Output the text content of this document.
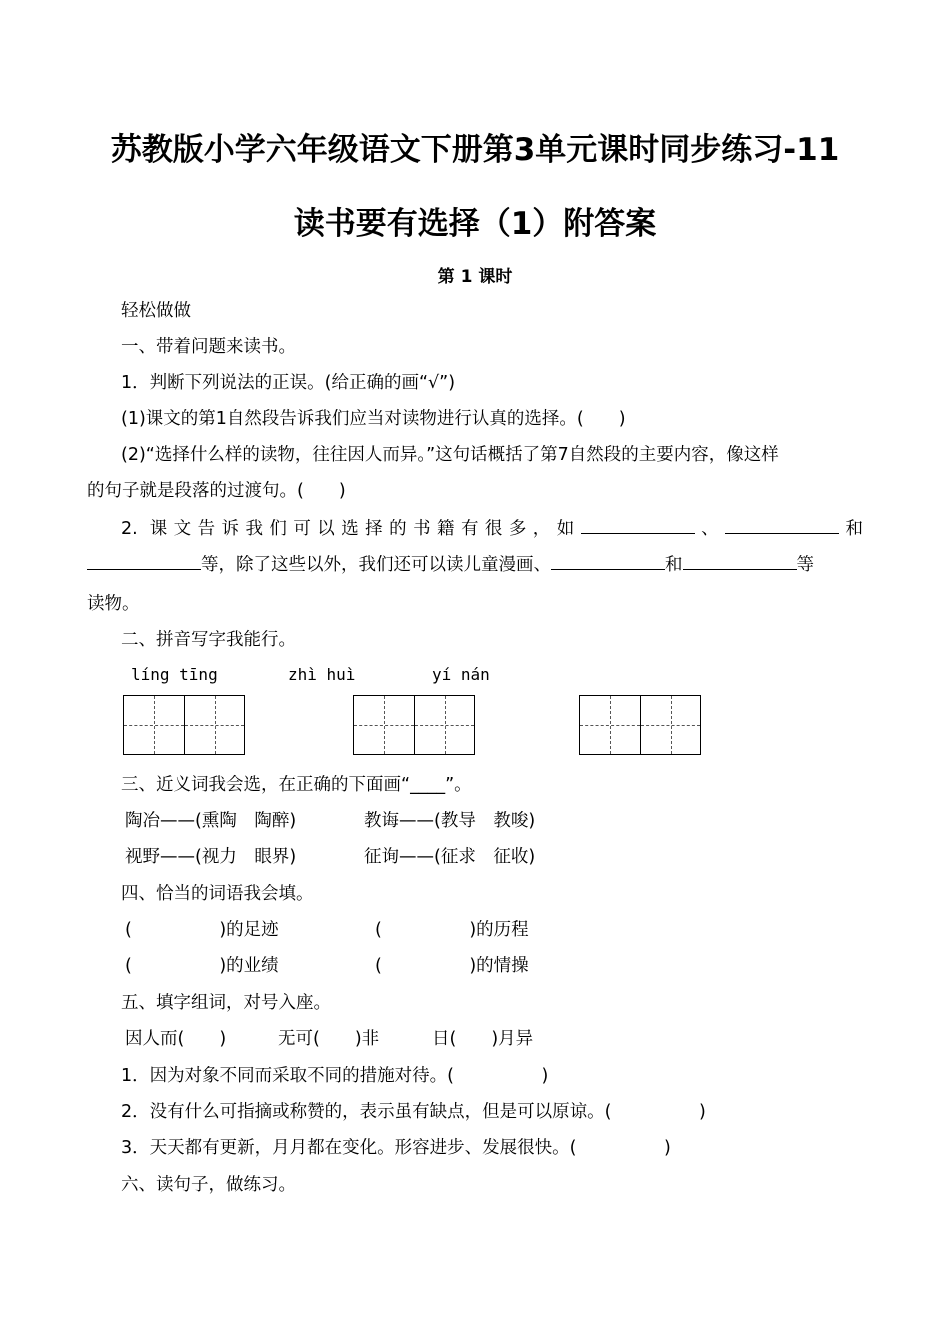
苏教版小学六年级语文下册第3单元课时同步练习-11
读书要有选择（1）附答案
第 1 课时
轻松做做
一、带着问题来读书。
1．判断下列说法的正误。(给正确的画“√”)
(1)课文的第1自然段告诉我们应当对读物进行认真的选择。(　　)
(2)“选择什么样的读物，往往因人而异。”这句话概括了第7自然段的主要内容，像这样
的句子就是段落的过渡句。(　　)
2. 课文告诉我们可以选择的书籍有很多，如	、	和
等，除了这些以外，我们还可以读儿童漫画、	和	等
读物。
二、拼音写字我能行。
líng tīng	zhì huì	yí nán
三、近义词我会选，在正确的下面画“____”。
陶冶——(熏陶　陶醉)	教诲——(教导　教唆)
视野——(视力　眼界)	征询——(征求　征收)
四、恰当的词语我会填。
(　　　　　)的足迹	(　　　　　)的历程
(　　　　　)的业绩	(　　　　　)的情操
五、填字组词，对号入座。
因人而(　　)	无可(　　)非	日(　　)月异
1．因为对象不同而采取不同的措施对待。(　　　　　)
2．没有什么可指摘或称赞的，表示虽有缺点，但是可以原谅。(　　　　　)
3．天天都有更新，月月都在变化。形容进步、发展很快。(　　　　　)
六、读句子，做练习。
